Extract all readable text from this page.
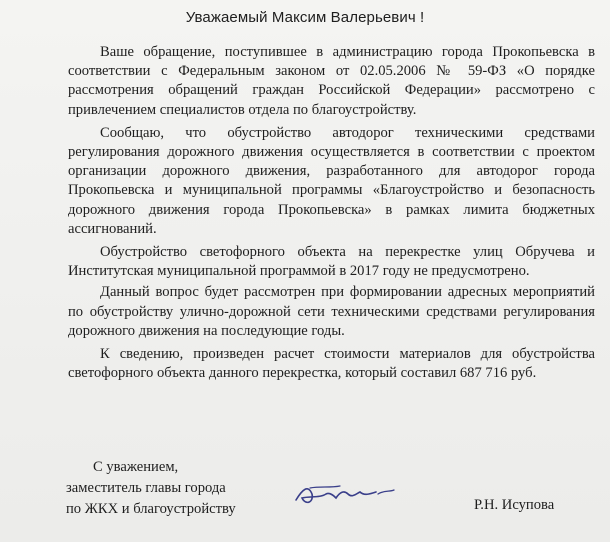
Уважаемый Максим Валерьевич !

Ваше обращение, поступившее в администрацию города Прокопьевска в соответствии с Федеральным законом от 02.05.2006 № 59-ФЗ «О порядке рассмотрения обращений граждан Российской Федерации» рассмотрено с привлечением специалистов отдела по благоустройству.

Сообщаю, что обустройство автодорог техническими средствами регулирования дорожного движения осуществляется в соответствии с проектом организации дорожного движения, разработанного для автодорог города Прокопьевска и муниципальной программы «Благоустройство и безопасность дорожного движения города Прокопьевска» в рамках лимита бюджетных ассигнований.

Обустройство светофорного объекта на перекрестке улиц Обручева и Институтская муниципальной программой в 2017 году не предусмотрено.

Данный вопрос будет рассмотрен при формировании адресных мероприятий по обустройству улично-дорожной сети техническими средствами регулирования дорожного движения на последующие годы.

К сведению, произведен расчет стоимости материалов для обустройства светофорного объекта данного перекрестка, который составил 687 716 руб.

С уважением,
заместитель главы города
по ЖКХ и благоустройству	Р.Н. Исупова
